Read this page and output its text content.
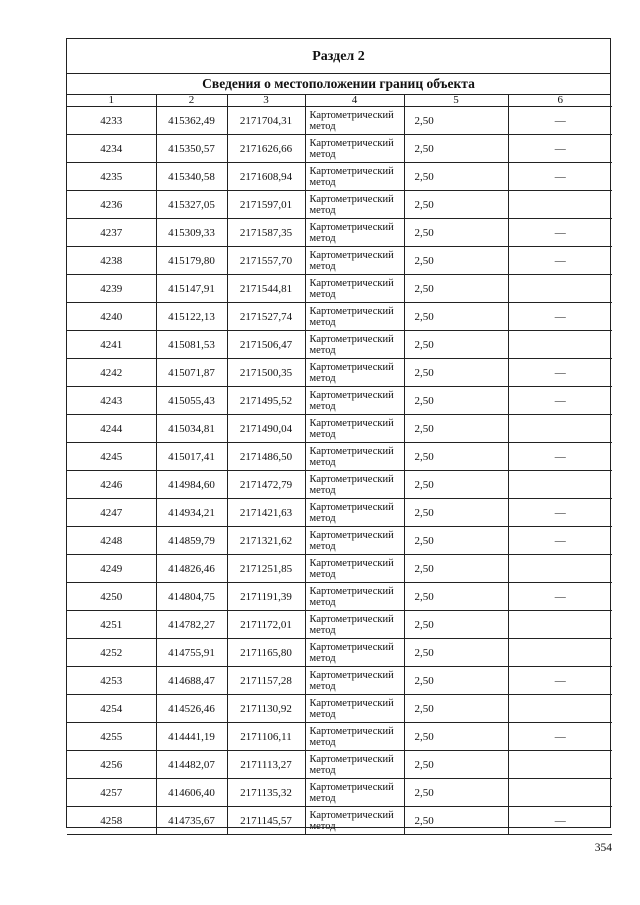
Раздел 2
Сведения о местоположении границ объекта
1	2	3	4	5	6
4233	415362,49	2171704,31	Картометрический метод	2,50	—
4234	415350,57	2171626,66	Картометрический метод	2,50	—
4235	415340,58	2171608,94	Картометрический метод	2,50	—
4236	415327,05	2171597,01	Картометрический метод	2,50	
4237	415309,33	2171587,35	Картометрический метод	2,50	—
4238	415179,80	2171557,70	Картометрический метод	2,50	—
4239	415147,91	2171544,81	Картометрический метод	2,50	
4240	415122,13	2171527,74	Картометрический метод	2,50	—
4241	415081,53	2171506,47	Картометрический метод	2,50	
4242	415071,87	2171500,35	Картометрический метод	2,50	—
4243	415055,43	2171495,52	Картометрический метод	2,50	—
4244	415034,81	2171490,04	Картометрический метод	2,50	
4245	415017,41	2171486,50	Картометрический метод	2,50	—
4246	414984,60	2171472,79	Картометрический метод	2,50	
4247	414934,21	2171421,63	Картометрический метод	2,50	—
4248	414859,79	2171321,62	Картометрический метод	2,50	—
4249	414826,46	2171251,85	Картометрический метод	2,50	
4250	414804,75	2171191,39	Картометрический метод	2,50	—
4251	414782,27	2171172,01	Картометрический метод	2,50	
4252	414755,91	2171165,80	Картометрический метод	2,50	
4253	414688,47	2171157,28	Картометрический метод	2,50	—
4254	414526,46	2171130,92	Картометрический метод	2,50	
4255	414441,19	2171106,11	Картометрический метод	2,50	—
4256	414482,07	2171113,27	Картометрический метод	2,50	
4257	414606,40	2171135,32	Картометрический метод	2,50	
4258	414735,67	2171145,57	Картометрический метод	2,50	—
354
